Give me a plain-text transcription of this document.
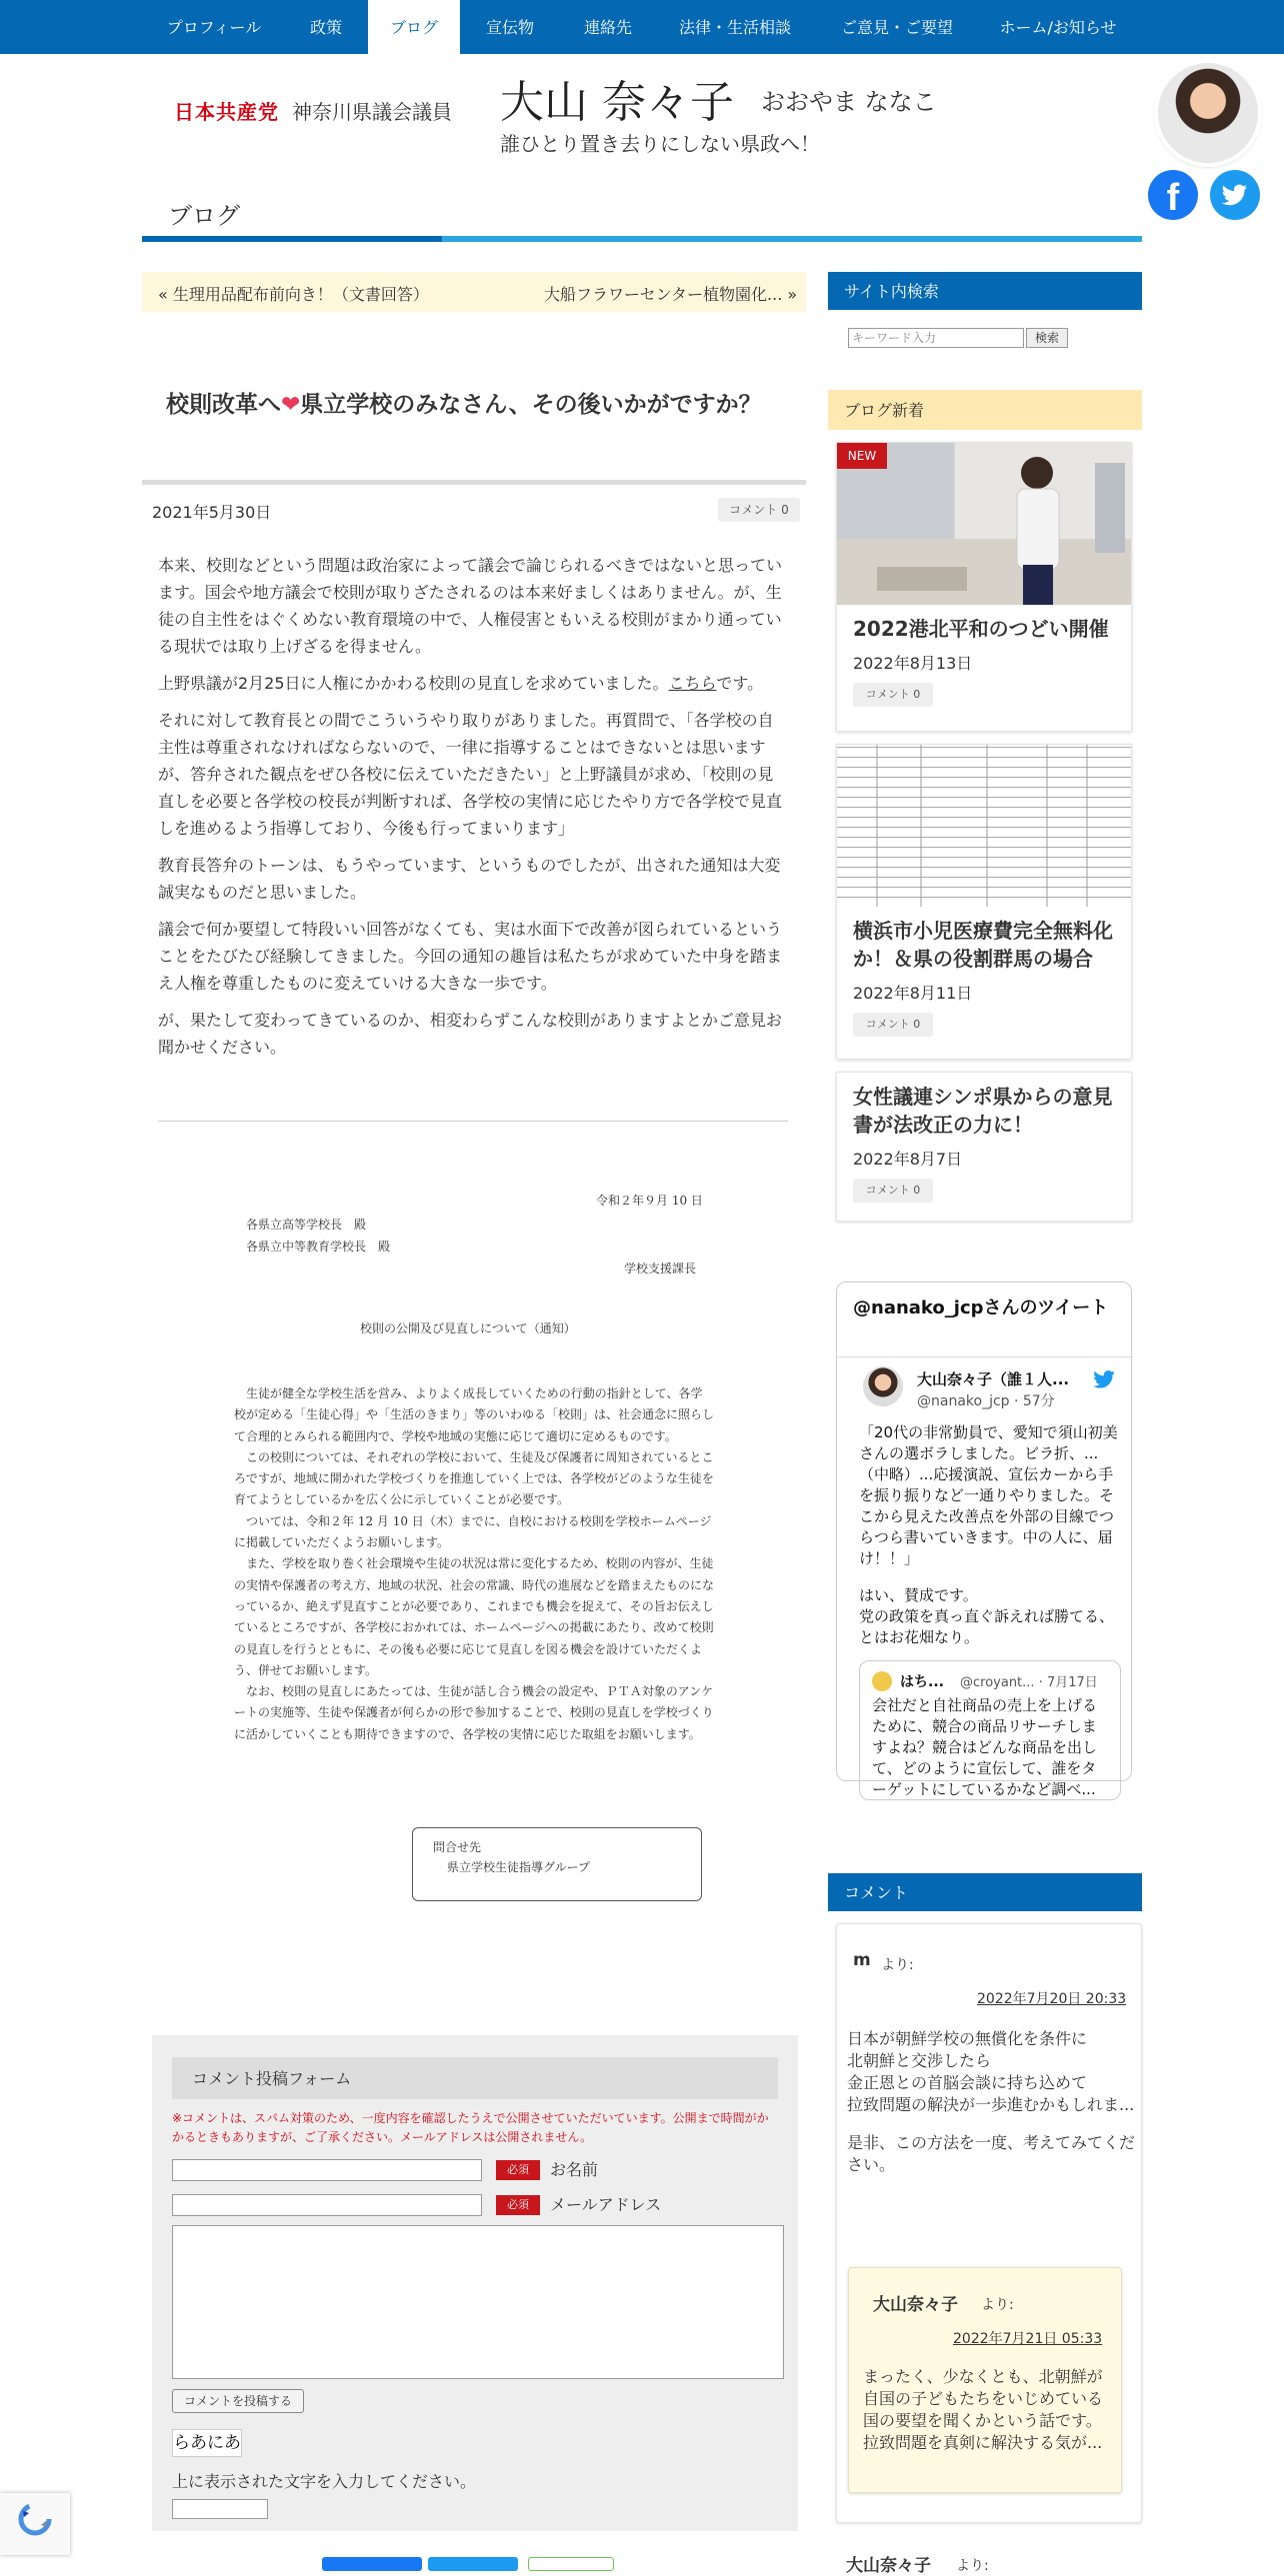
プロフィール	政策	ブログ	宣伝物	連絡先	法律・生活相談	ご意見・ご要望	ホーム/お知らせ
日本共産党 神奈川県議会議員 大山 奈々子 おおやま ななこ
誰ひとり置き去りにしない県政へ！
f
ブログ
« 生理用品配布前向き！（文書回答）	大船フラワーセンター植物園化... »
校則改革へ❤県立学校のみなさん、その後いかがですか？
2021年5月30日	コメント 0

本来、校則などという問題は政治家によって議会で論じられるべきではないと思っています。国会や地方議会で校則が取りざたされるのは本来好ましくはありません。が、生徒の自主性をはぐくめない教育環境の中で、人権侵害ともいえる校則がまかり通っている現状では取り上げざるを得ません。

上野県議が2月25日に人権にかかわる校則の見直しを求めていました。こちらです。

それに対して教育長との間でこういうやり取りがありました。再質問で、「各学校の自主性は尊重されなければならないので、一律に指導することはできないとは思いますが、答弁された観点をぜひ各校に伝えていただきたい」と上野議員が求め、「校則の見直しを必要と各学校の校長が判断すれば、各学校の実情に応じたやり方で各学校で見直しを進めるよう指導しており、今後も行ってまいります」

教育長答弁のトーンは、もうやっています、というものでしたが、出された通知は大変誠実なものだと思いました。

議会で何か要望して特段いい回答がなくても、実は水面下で改善が図られているということをたびたび経験してきました。今回の通知の趣旨は私たちが求めていた中身を踏まえ人権を尊重したものに変えていける大きな一歩です。

が、果たして変わってきているのか、相変わらずこんな校則がありますよとかご意見お聞かせください。

令和２年９月 10 日
各県立高等学校長　殿
各県立中等教育学校長　殿
学校支援課長
校則の公開及び見直しについて（通知）

生徒が健全な学校生活を営み、よりよく成長していくための行動の指針として、各学校が定める「生徒心得」や「生活のきまり」等のいわゆる「校則」は、社会通念に照らして合理的とみられる範囲内で、学校や地域の実態に応じて適切に定めるものです。

この校則については、それぞれの学校において、生徒及び保護者に周知されているところですが、地域に開かれた学校づくりを推進していく上では、各学校がどのような生徒を育てようとしているかを広く公に示していくことが必要です。

ついては、令和２年 12 月 10 日（木）までに、自校における校則を学校ホームページに掲載していただくようお願いします。

また、学校を取り巻く社会環境や生徒の状況は常に変化するため、校則の内容が、生徒の実情や保護者の考え方、地域の状況、社会の常識、時代の進展などを踏まえたものになっているか、絶えず見直すことが必要であり、これまでも機会を捉えて、その旨お伝えしているところですが、各学校におかれては、ホームページへの掲載にあたり、改めて校則の見直しを行うとともに、その後も必要に応じて見直しを図る機会を設けていただくよう、併せてお願いします。

なお、校則の見直しにあたっては、生徒が話し合う機会の設定や、ＰＴＡ対象のアンケートの実施等、生徒や保護者が何らかの形で参加することで、校則の見直しを学校づくりに活かしていくことも期待できますので、各学校の実情に応じた取組をお願いします。

問合せ先
県立学校生徒指導グループ
コメント投稿フォーム
※コメントは、スパム対策のため、一度内容を確認したうえで公開させていただいています。公開まで時間がかかるときもありますが、ご了承ください。メールアドレスは公開されません。
必須	お名前
必須	メールアドレス
コメントを投稿する
らあにあ
上に表示された文字を入力してください。
サイト内検索
キーワード入力	検索
ブログ新着
NEW
2022港北平和のつどい開催
2022年8月13日
コメント 0
横浜市小児医療費完全無料化か！＆県の役割群馬の場合
2022年8月11日
コメント 0
女性議連シンポ県からの意見書が法改正の力に！
2022年8月7日
コメント 0
@nanako_jcpさんのツイート
大山奈々子（誰１人...
@nanako_jcp · 57分
「20代の非常勤員で、愛知で須山初美さんの選ボラしました。ビラ折、...（中略）...応援演説、宣伝カーから手を振り振りなど一通りやりました。そこから見えた改善点を外部の目線でつらつら書いていきます。中の人に、届け！！」
はい、賛成です。
党の政策を真っ直ぐ訴えれば勝てる、とはお花畑なり。
はち... @croyant... · 7月17日
会社だと自社商品の売上を上げるために、競合の商品リサーチしますよね？競合はどんな商品を出して、どのように宣伝して、誰をターゲットにしているかなど調べ...
コメント
m より:
2022年7月20日 20:33
日本が朝鮮学校の無償化を条件に
北朝鮮と交渉したら
金正恩との首脳会談に持ち込めて
拉致問題の解決が一歩進むかもしれま...
是非、この方法を一度、考えてみてください。
大山奈々子 より:
2022年7月21日 05:33
まったく、少なくとも、北朝鮮が
自国の子どもたちをいじめている
国の要望を聞くかという話です。
拉致問題を真剣に解決する気が...
大山奈々子 より:
